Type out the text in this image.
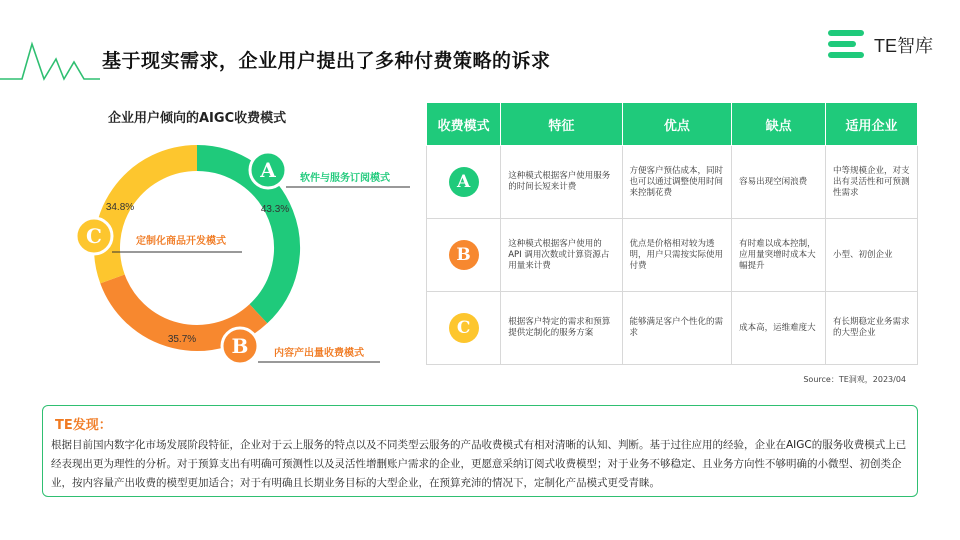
基于现实需求，企业用户提出了多种付费策略的诉求
TE智库
企业用户倾向的AIGC收费模式
A
43.3%
软件与服务订阅模式
B
35.7%
内容产出量收费模式
C
34.8%
定制化商品开发模式
收费模式	特征	优点	缺点	适用企业
A	这种模式根据客户使用服务的时间长短来计费	方便客户预估成本，同时也可以通过调整使用时间来控制花费	容易出现空闲浪费	中等规模企业，对支出有灵活性和可预测性需求
B	这种模式根据客户使用的API 调用次数或计算资源占用量来计费	优点是价格相对较为透明，用户只需按实际使用付费	有时难以成本控制，应用量突增时成本大幅提升	小型、初创企业
C	根据客户特定的需求和预算提供定制化的服务方案	能够满足客户个性化的需求	成本高，运维难度大	有长期稳定业务需求的大型企业
Source：TE洞观，2023/04
TE发现：
根据目前国内数字化市场发展阶段特征，企业对于云上服务的特点以及不同类型云服务的产品收费模式有相对清晰的认知、判断。基于过往应用的经验，企业在AIGC的服务收费模式上已经表现出更为理性的分析。对于预算支出有明确可预测性以及灵活性增删账户需求的企业，更愿意采纳订阅式收费模型；对于业务不够稳定、且业务方向性不够明确的小微型、初创类企业，按内容量产出收费的模型更加适合；对于有明确且长期业务目标的大型企业，在预算充沛的情况下，定制化产品模式更受青睐。
